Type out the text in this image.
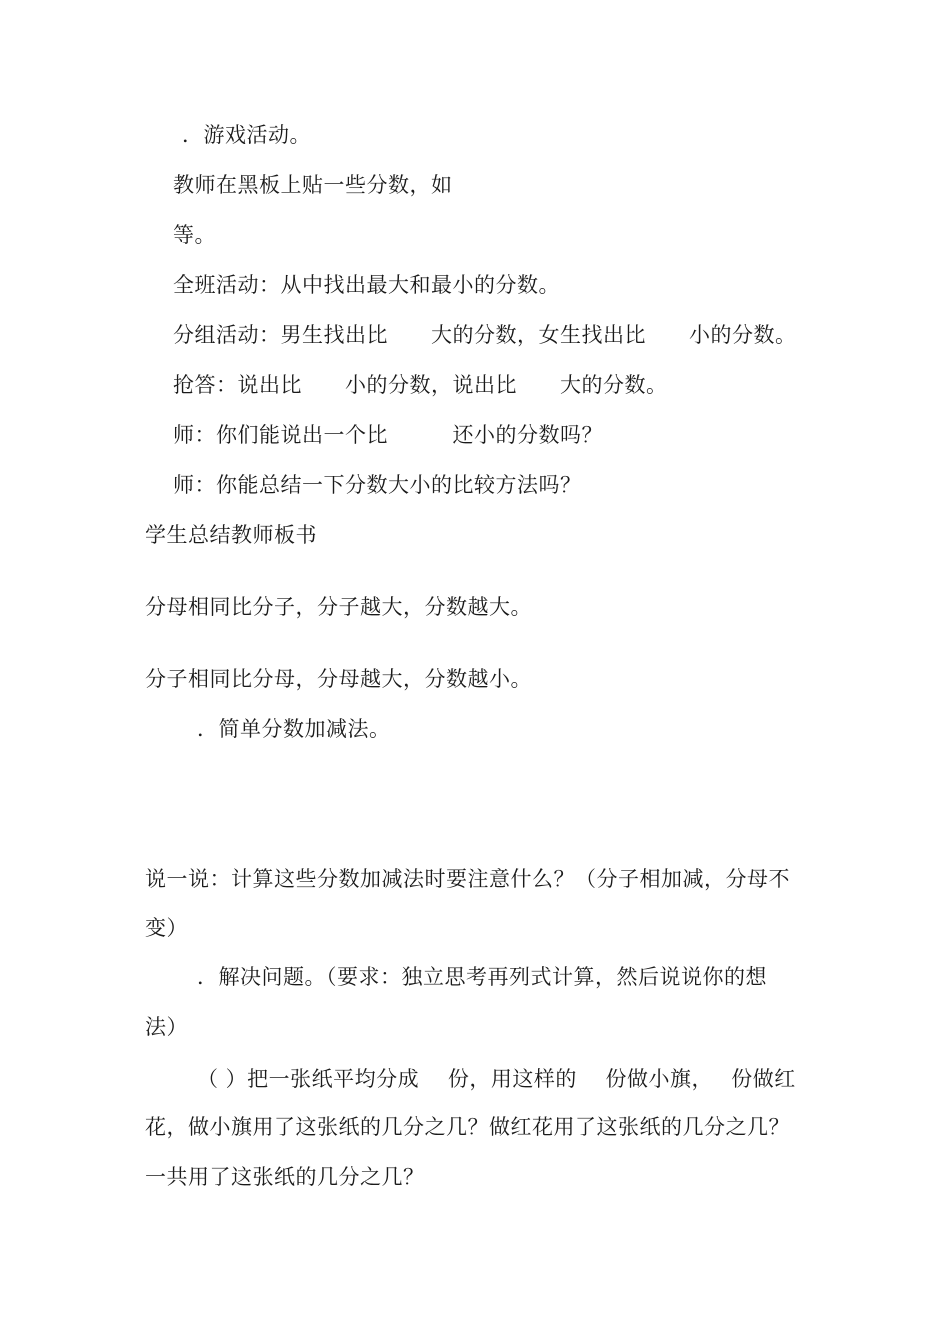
．游戏活动。
教师在黑板上贴一些分数，如
等。
全班活动：从中找出最大和最小的分数。
分组活动：男生找出比　　大的分数，女生找出比　　小的分数。
抢答：说出比　　小的分数，说出比　　大的分数。
师：你们能说出一个比　　　还小的分数吗？
师：你能总结一下分数大小的比较方法吗？
学生总结教师板书
分母相同比分子，分子越大，分数越大。
分子相同比分母，分母越大，分数越小。
．简单分数加减法。
说一说：计算这些分数加减法时要注意什么？（分子相加减，分母不
变）
．解决问题。（要求：独立思考再列式计算，然后说说你的想
法）
（ ）把一张纸平均分成　 份，用这样的　 份做小旗，　 份做红
花，做小旗用了这张纸的几分之几？做红花用了这张纸的几分之几？
一共用了这张纸的几分之几？
